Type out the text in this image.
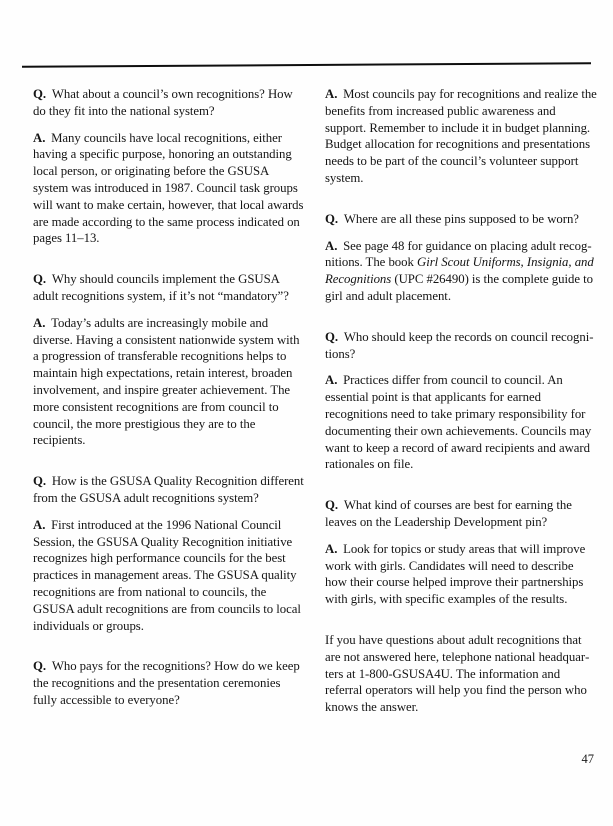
Q. What about a council’s own recognitions? How do they fit into the national system?

A. Many councils have local recognitions, either having a specific purpose, honoring an outstanding local person, or originating before the GSUSA system was introduced in 1987. Council task groups will want to make certain, however, that local awards are made according to the same process indicated on pages 11–13.

Q. Why should councils implement the GSUSA adult recognitions system, if it’s not “mandatory”?

A. Today’s adults are increasingly mobile and diverse. Having a consistent nationwide system with a progression of transferable recognitions helps to maintain high expectations, retain interest, broaden involvement, and inspire greater achievement. The more consistent recognitions are from council to council, the more prestigious they are to the recipients.

Q. How is the GSUSA Quality Recognition different from the GSUSA adult recognitions system?

A. First introduced at the 1996 National Council Session, the GSUSA Quality Recognition initiative recognizes high performance councils for the best practices in management areas. The GSUSA quality recognitions are from national to councils, the GSUSA adult recognitions are from councils to local individuals or groups.

Q. Who pays for the recognitions? How do we keep the recognitions and the presentation ceremonies fully accessible to everyone?

A. Most councils pay for recognitions and realize the benefits from increased public awareness and support. Remember to include it in budget planning. Budget allocation for recognitions and presentations needs to be part of the council’s volunteer support system.

Q. Where are all these pins supposed to be worn?

A. See page 48 for guidance on placing adult recognitions. The book Girl Scout Uniforms, Insignia, and Recognitions (UPC #26490) is the complete guide to girl and adult placement.

Q. Who should keep the records on council recognitions?

A. Practices differ from council to council. An essential point is that applicants for earned recognitions need to take primary responsibility for documenting their own achievements. Councils may want to keep a record of award recipients and award rationales on file.

Q. What kind of courses are best for earning the leaves on the Leadership Development pin?

A. Look for topics or study areas that will improve work with girls. Candidates will need to describe how their course helped improve their partnerships with girls, with specific examples of the results.

If you have questions about adult recognitions that are not answered here, telephone national headquarters at 1-800-GSUSA4U. The information and referral operators will help you find the person who knows the answer.

47
